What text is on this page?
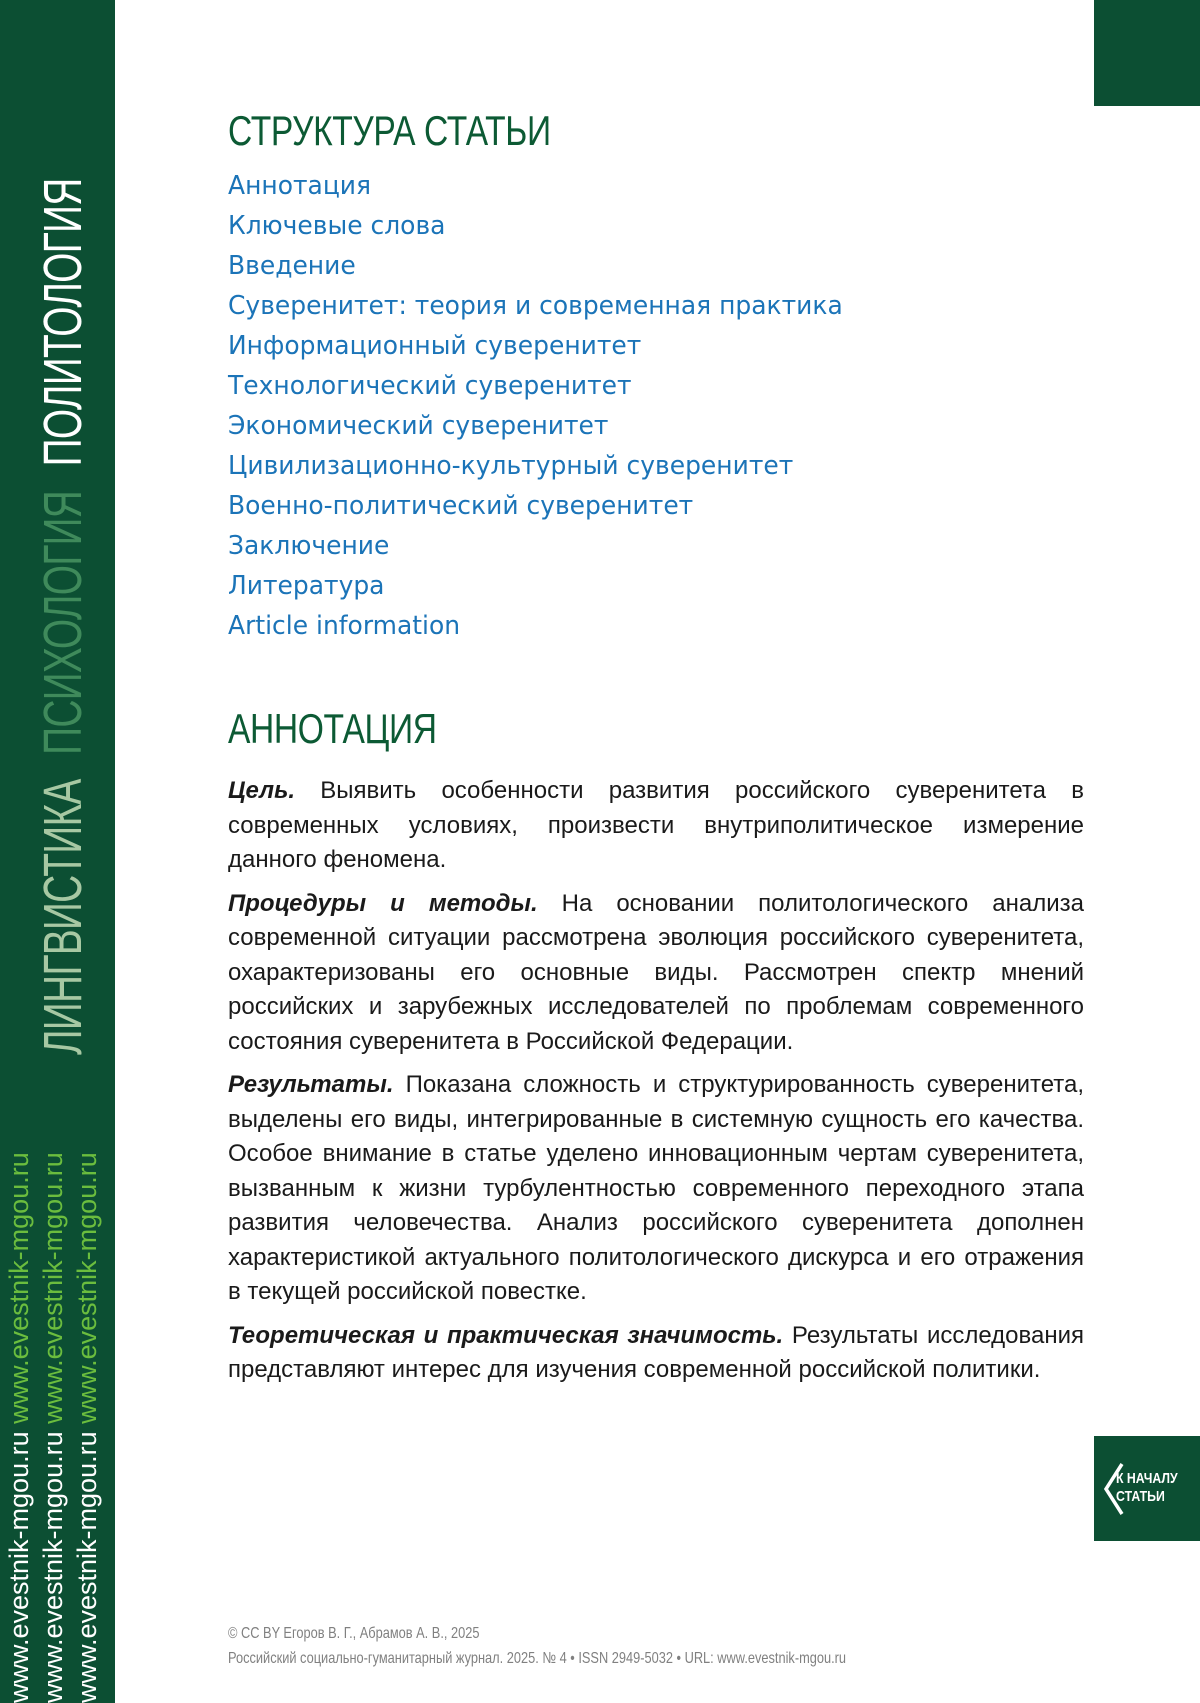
ЛИНГВИСТИКАПСИХОЛОГИЯПОЛИТОЛОГИЯ
www.evestnik-mgou.ru www.evestnik-mgou.ru
www.evestnik-mgou.ru www.evestnik-mgou.ru
www.evestnik-mgou.ru www.evestnik-mgou.ru
СТРУКТУРА СТАТЬИ
Аннотация
Ключевые слова
Введение
Суверенитет: теория и современная практика
Информационный суверенитет
Технологический суверенитет
Экономический суверенитет
Цивилизационно-культурный суверенитет
Военно-политический суверенитет
Заключение
Литература
Article information
АННОТАЦИЯ

Цель. Выявить особенности развития российского суверенитета в современных условиях, произвести внутриполитическое измерение данного феномена.

Процедуры и методы. На основании политологического анализа современной ситуации рассмотрена эволюция российского суверенитета, охарактеризованы его основные виды. Рассмотрен спектр мнений российских и зарубежных исследователей по проблемам современного состояния суверенитета в Российской Федерации.

Результаты. Показана сложность и структурированность суверенитета, выделены его виды, интегрированные в системную сущность его качества. Особое внимание в статье уделено инновационным чертам суверенитета, вызванным к жизни турбулентностью современного переходного этапа развития человечества. Анализ российского суверенитета дополнен характеристикой актуального политологического дискурса и его отражения в текущей российской повестке.

Теоретическая и практическая значимость. Результаты исследования представляют интерес для изучения современной российской политики.

К НАЧАЛУ
СТАТЬИ
© CC BY Егоров В. Г., Абрамов А. В., 2025
Российский социально-гуманитарный журнал. 2025. № 4 • ISSN 2949-5032 • URL: www.evestnik-mgou.ru
